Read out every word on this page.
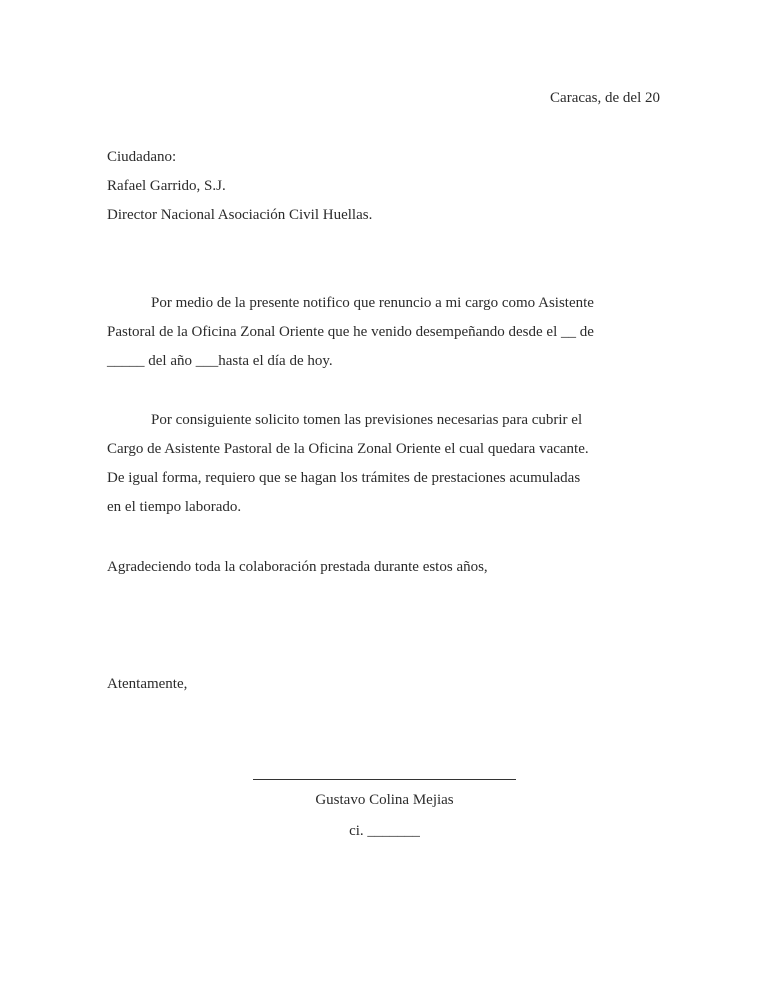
Caracas, de del 20
Ciudadano:
Rafael Garrido, S.J.
Director Nacional Asociación Civil Huellas.
Por medio de la presente notifico que renuncio a mi cargo como Asistente
Pastoral de la Oficina Zonal Oriente que he venido desempeñando desde el __ de
_____ del año ___hasta el día de hoy.
Por consiguiente solicito tomen las previsiones necesarias para cubrir el
Cargo de Asistente Pastoral de la Oficina Zonal Oriente el cual quedara vacante.
De igual forma, requiero que se hagan los trámites de prestaciones acumuladas
en el tiempo laborado.
Agradeciendo toda la colaboración prestada durante estos años,
Atentamente,
Gustavo Colina Mejias
ci. _______
